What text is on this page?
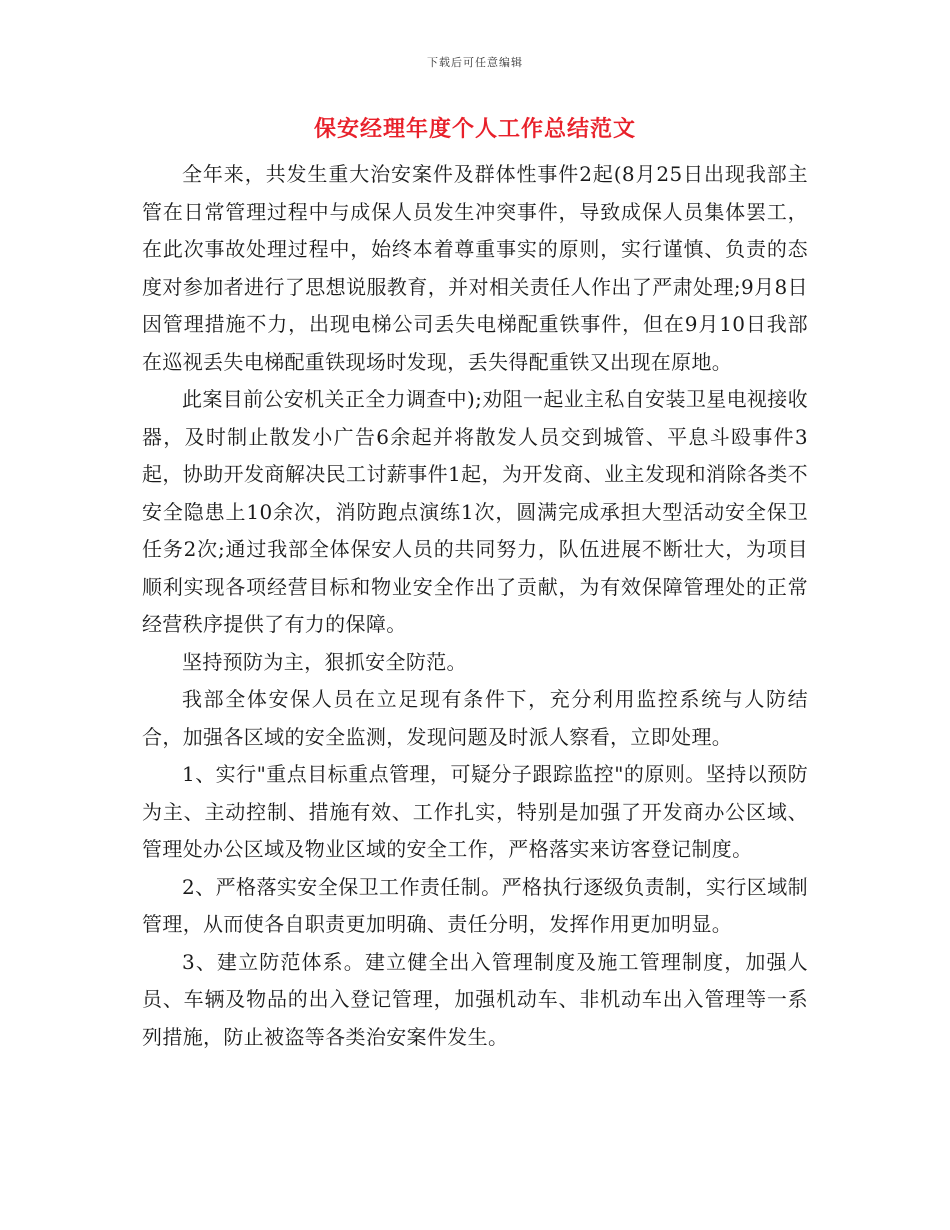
下载后可任意编辑
保安经理年度个人工作总结范文

全年来，共发生重大治安案件及群体性事件2起(8月25日出现我部主管在日常管理过程中与成保人员发生冲突事件，导致成保人员集体罢工，在此次事故处理过程中，始终本着尊重事实的原则，实行谨慎、负责的态度对参加者进行了思想说服教育，并对相关责任人作出了严肃处理;9月8日因管理措施不力，出现电梯公司丢失电梯配重铁事件，但在9月10日我部在巡视丢失电梯配重铁现场时发现，丢失得配重铁又出现在原地。

此案目前公安机关正全力调查中);劝阻一起业主私自安装卫星电视接收器，及时制止散发小广告6余起并将散发人员交到城管、平息斗殴事件3起，协助开发商解决民工讨薪事件1起，为开发商、业主发现和消除各类不安全隐患上10余次，消防跑点演练1次，圆满完成承担大型活动安全保卫任务2次;通过我部全体保安人员的共同努力，队伍进展不断壮大，为项目顺利实现各项经营目标和物业安全作出了贡献，为有效保障管理处的正常经营秩序提供了有力的保障。

坚持预防为主，狠抓安全防范。

我部全体安保人员在立足现有条件下，充分利用监控系统与人防结合，加强各区域的安全监测，发现问题及时派人察看，立即处理。

1、实行"重点目标重点管理，可疑分子跟踪监控"的原则。坚持以预防为主、主动控制、措施有效、工作扎实，特别是加强了开发商办公区域、管理处办公区域及物业区域的安全工作，严格落实来访客登记制度。

2、严格落实安全保卫工作责任制。严格执行逐级负责制，实行区域制管理，从而使各自职责更加明确、责任分明，发挥作用更加明显。

3、建立防范体系。建立健全出入管理制度及施工管理制度，加强人员、车辆及物品的出入登记管理，加强机动车、非机动车出入管理等一系列措施，防止被盗等各类治安案件发生。
